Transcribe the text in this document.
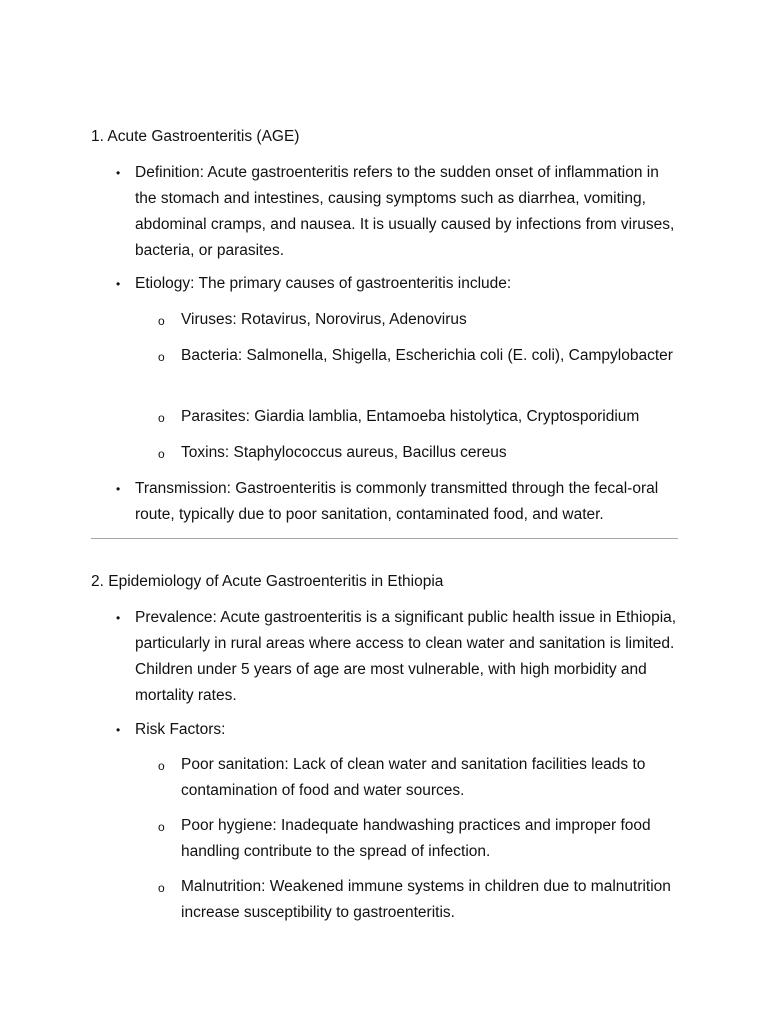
1. Acute Gastroenteritis (AGE)
• Definition: Acute gastroenteritis refers to the sudden onset of inflammation in the stomach and intestines, causing symptoms such as diarrhea, vomiting, abdominal cramps, and nausea. It is usually caused by infections from viruses, bacteria, or parasites.
• Etiology: The primary causes of gastroenteritis include:
o Viruses: Rotavirus, Norovirus, Adenovirus
o Bacteria: Salmonella, Shigella, Escherichia coli (E. coli), Campylobacter
o Parasites: Giardia lamblia, Entamoeba histolytica, Cryptosporidium
o Toxins: Staphylococcus aureus, Bacillus cereus
• Transmission: Gastroenteritis is commonly transmitted through the fecal-oral route, typically due to poor sanitation, contaminated food, and water.
2. Epidemiology of Acute Gastroenteritis in Ethiopia
• Prevalence: Acute gastroenteritis is a significant public health issue in Ethiopia, particularly in rural areas where access to clean water and sanitation is limited. Children under 5 years of age are most vulnerable, with high morbidity and mortality rates.
• Risk Factors:
o Poor sanitation: Lack of clean water and sanitation facilities leads to contamination of food and water sources.
o Poor hygiene: Inadequate handwashing practices and improper food handling contribute to the spread of infection.
o Malnutrition: Weakened immune systems in children due to malnutrition increase susceptibility to gastroenteritis.
